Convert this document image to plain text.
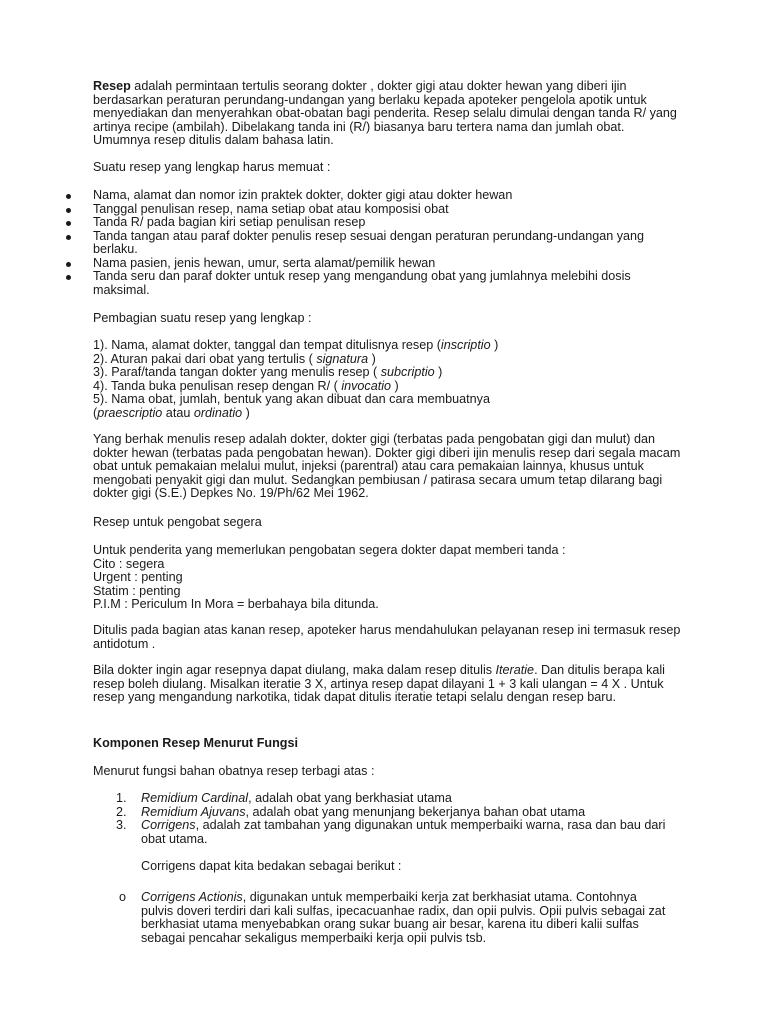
Resep adalah permintaan tertulis seorang dokter , dokter gigi atau dokter hewan yang diberi ijin berdasarkan peraturan perundang-undangan yang berlaku kepada apoteker pengelola apotik untuk menyediakan dan menyerahkan obat-obatan bagi penderita. Resep selalu dimulai dengan tanda R/ yang artinya recipe (ambilah). Dibelakang tanda ini (R/) biasanya baru tertera nama dan jumlah obat. Umumnya resep ditulis dalam bahasa latin.

Suatu resep yang lengkap harus memuat :

Nama, alamat dan nomor izin praktek dokter, dokter gigi atau dokter hewan
Tanggal penulisan resep, nama setiap obat atau komposisi obat
Tanda R/ pada bagian kiri setiap penulisan resep
Tanda tangan atau paraf dokter penulis resep sesuai dengan peraturan perundang-undangan yang berlaku.
Nama pasien, jenis hewan, umur, serta alamat/pemilik hewan
Tanda seru dan paraf dokter untuk resep yang mengandung obat yang jumlahnya melebihi dosis maksimal.

Pembagian suatu resep yang lengkap :

1). Nama, alamat dokter, tanggal dan tempat ditulisnya resep (inscriptio )
2). Aturan pakai dari obat yang tertulis ( signatura )
3). Paraf/tanda tangan dokter yang menulis resep ( subcriptio )
4). Tanda buka penulisan resep dengan R/ ( invocatio )
5). Nama obat, jumlah, bentuk yang akan dibuat dan cara membuatnya
(praescriptio atau ordinatio )

Yang berhak menulis resep adalah dokter, dokter gigi (terbatas pada pengobatan gigi dan mulut) dan dokter hewan (terbatas pada pengobatan hewan). Dokter gigi diberi ijin menulis resep dari segala macam obat untuk pemakaian melalui mulut, injeksi (parentral) atau cara pemakaian lainnya, khusus untuk mengobati penyakit gigi dan mulut. Sedangkan pembiusan / patirasa secara umum tetap dilarang bagi dokter gigi (S.E.) Depkes No. 19/Ph/62 Mei 1962.

Resep untuk pengobat segera

Untuk penderita yang memerlukan pengobatan segera dokter dapat memberi tanda :
Cito : segera
Urgent : penting
Statim : penting
P.I.M : Periculum In Mora = berbahaya bila ditunda.

Ditulis pada bagian atas kanan resep, apoteker harus mendahulukan pelayanan resep ini termasuk resep antidotum .

Bila dokter ingin agar resepnya dapat diulang, maka dalam resep ditulis Iteratie. Dan ditulis berapa kali resep boleh diulang. Misalkan iteratie 3 X, artinya resep dapat dilayani 1 + 3 kali ulangan = 4 X . Untuk resep yang mengandung narkotika, tidak dapat ditulis iteratie tetapi selalu dengan resep baru.

Komponen Resep Menurut Fungsi

Menurut fungsi bahan obatnya resep terbagi atas :

1. Remidium Cardinal, adalah obat yang berkhasiat utama
2. Remidium Ajuvans, adalah obat yang menunjang bekerjanya bahan obat utama
3. Corrigens, adalah zat tambahan yang digunakan untuk memperbaiki warna, rasa dan bau dari obat utama.

Corrigens dapat kita bedakan sebagai berikut :

o Corrigens Actionis, digunakan untuk memperbaiki kerja zat berkhasiat utama. Contohnya pulvis doveri terdiri dari kali sulfas, ipecacuanhae radix, dan opii pulvis. Opii pulvis sebagai zat berkhasiat utama menyebabkan orang sukar buang air besar, karena itu diberi kalii sulfas sebagai pencahar sekaligus memperbaiki kerja opii pulvis tsb.
